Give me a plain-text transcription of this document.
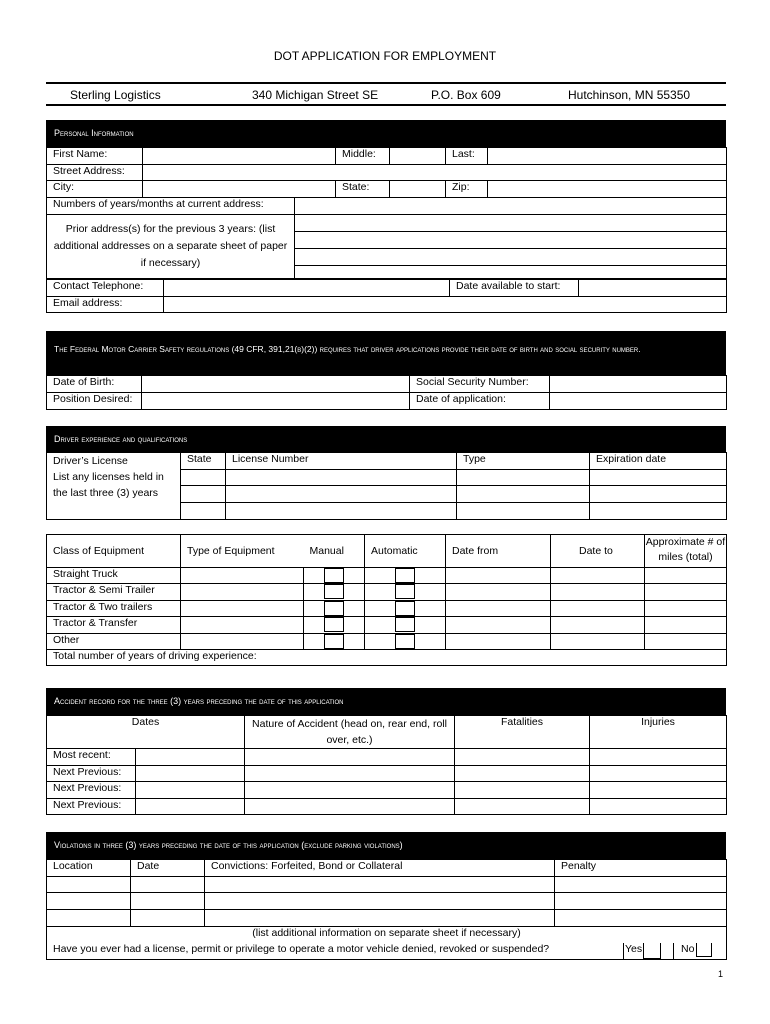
DOT APPLICATION FOR EMPLOYMENT
Sterling Logistics	340 Michigan Street SE	P.O. Box 609	Hutchinson, MN 55350
Personal Information
First Name:		Middle:		Last:	
Street Address:					
City:		State:		Zip:	
Numbers of years/months at current address:	
Prior address(s) for the previous 3 years: (list additional addresses on a separate sheet of paper if necessary)	
Contact Telephone:		Date available to start:	
Email address:			
The Federal Motor Carrier Safety regulations (49 CFR, 391,21(b)(2)) requires that driver applications provide their date of birth and social security number.
Date of Birth:		Social Security Number:	
Position Desired:		Date of application:	
Driver experience and qualifications
Driver’s License
List any licenses held in the last three (3) years	State	License Number	Type	Expiration date

Class of Equipment	Type of Equipment	Manual	Automatic	Date from	Date to	Approximate # of miles (total)
Straight Truck						
Tractor & Semi Trailer						
Tractor & Two trailers						
Tractor & Transfer						
Other						
Total number of years of driving experience:						
Accident record for the three (3) years preceding the date of this application
Dates		Nature of Accident (head on, rear end, roll over, etc.)	Fatalities	Injuries
Most recent:				
Next Previous:				
Next Previous:				
Next Previous:				
Violations in three (3) years preceding the date of this application (exclude parking violations)
Location	Date	Convictions: Forfeited, Bond or Collateral	Penalty

(list additional information on separate sheet if necessary)			
Have you ever had a license, permit or privilege to operate a motor vehicle denied, revoked or suspended? Yes No			
1
